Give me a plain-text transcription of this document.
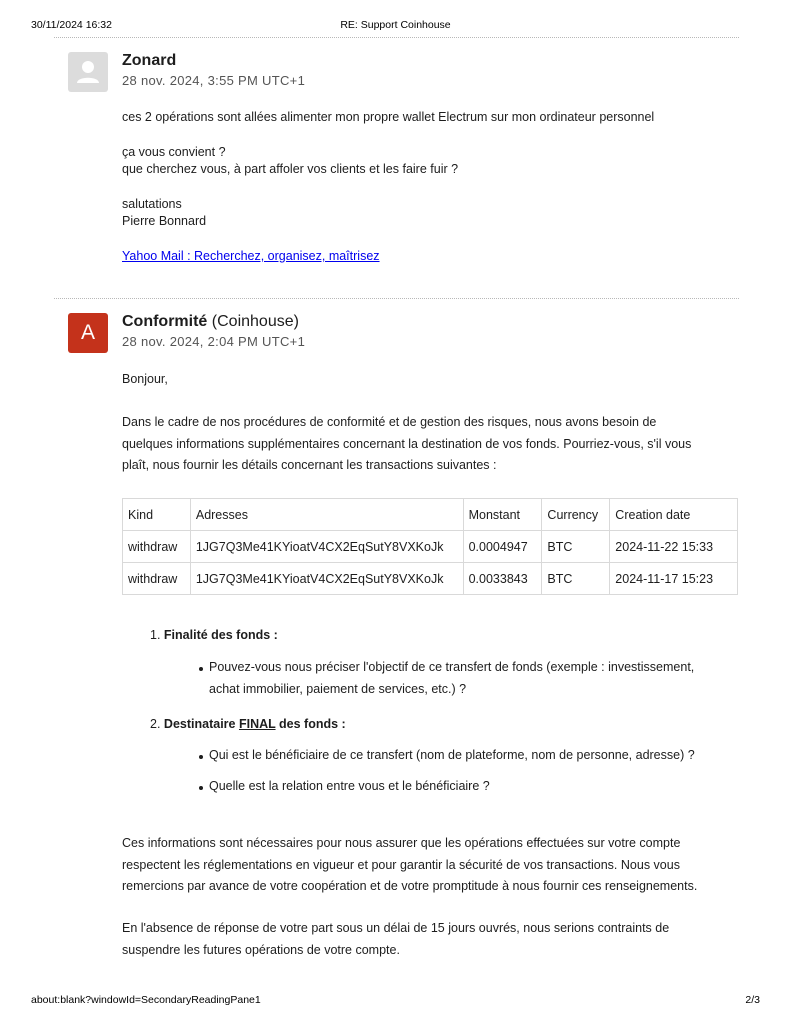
30/11/2024 16:32	RE: Support Coinhouse
Zonard
28 nov. 2024, 3:55 PM UTC+1

ces 2 opérations sont allées alimenter mon propre wallet Electrum sur mon ordinateur personnel

ça vous convient ?

que cherchez vous, à part affoler vos clients et les faire fuir ?

salutations

Pierre Bonnard

Yahoo Mail : Recherchez, organisez, maîtrisez

A	Conformité (Coinhouse)
28 nov. 2024, 2:04 PM UTC+1
Bonjour,

Dans le cadre de nos procédures de conformité et de gestion des risques, nous avons besoin de

quelques informations supplémentaires concernant la destination de vos fonds. Pourriez-vous, s'il vous

plaît, nous fournir les détails concernant les transactions suivantes :

Kind	Adresses	Monstant	Currency	Creation date
withdraw	1JG7Q3Me41KYioatV4CX2EqSutY8VXKoJk	0.0004947	BTC	2024-11-22 15:33
withdraw	1JG7Q3Me41KYioatV4CX2EqSutY8VXKoJk	0.0033843	BTC	2024-11-17 15:23
1. Finalité des fonds :
Pouvez-vous nous préciser l'objectif de ce transfert de fonds (exemple : investissement,
achat immobilier, paiement de services, etc.) ?
2. Destinataire FINAL des fonds :
Qui est le bénéficiaire de ce transfert (nom de plateforme, nom de personne, adresse) ?
Quelle est la relation entre vous et le bénéficiaire ?

Ces informations sont nécessaires pour nous assurer que les opérations effectuées sur votre compte

respectent les réglementations en vigueur et pour garantir la sécurité de vos transactions. Nous vous

remercions par avance de votre coopération et de votre promptitude à nous fournir ces renseignements.

En l'absence de réponse de votre part sous un délai de 15 jours ouvrés, nous serions contraints de

suspendre les futures opérations de votre compte.

about:blank?windowId=SecondaryReadingPane1	2/3
